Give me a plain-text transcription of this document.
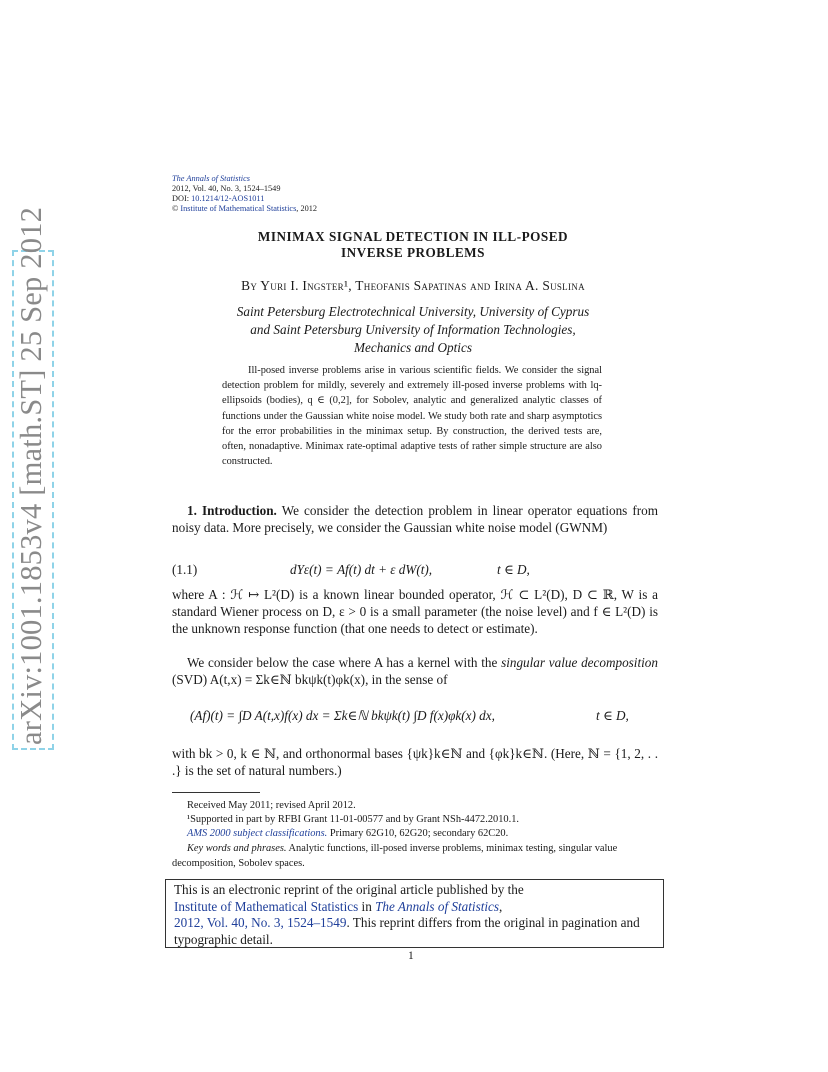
arXiv:1001.1853v4 [math.ST] 25 Sep 2012
The Annals of Statistics
2012, Vol. 40, No. 3, 1524–1549
DOI: 10.1214/12-AOS1011
© Institute of Mathematical Statistics, 2012
MINIMAX SIGNAL DETECTION IN ILL-POSED
INVERSE PROBLEMS
By Yuri I. Ingster¹, Theofanis Sapatinas and Irina A. Suslina
Saint Petersburg Electrotechnical University, University of Cyprus
and Saint Petersburg University of Information Technologies,
Mechanics and Optics
Ill-posed inverse problems arise in various scientific fields. We consider the signal detection problem for mildly, severely and extremely ill-posed inverse problems with lq-ellipsoids (bodies), q ∈ (0,2], for Sobolev, analytic and generalized analytic classes of functions under the Gaussian white noise model. We study both rate and sharp asymptotics for the error probabilities in the minimax setup. By construction, the derived tests are, often, nonadaptive. Minimax rate-optimal adaptive tests of rather simple structure are also constructed.
1. Introduction. We consider the detection problem in linear operator equations from noisy data. More precisely, we consider the Gaussian white noise model (GWNM)
(1.1)	dYε(t) = Af(t) dt + ε dW(t),	t ∈ D,
where A : ℋ ↦ L²(D) is a known linear bounded operator, ℋ ⊂ L²(D), D ⊂ ℝ, W is a standard Wiener process on D, ε > 0 is a small parameter (the noise level) and f ∈ L²(D) is the unknown response function (that one needs to detect or estimate).
We consider below the case where A has a kernel with the singular value decomposition (SVD) A(t,x) = Σk∈ℕ bkψk(t)φk(x), in the sense of
(Af)(t) = ∫D A(t,x)f(x) dx = Σk∈ℕ bkψk(t) ∫D f(x)φk(x) dx,	t ∈ D,
with bk > 0, k ∈ ℕ, and orthonormal bases {ψk}k∈ℕ and {φk}k∈ℕ. (Here, ℕ = {1, 2, . . .} is the set of natural numbers.)
Received May 2011; revised April 2012.
¹Supported in part by RFBI Grant 11-01-00577 and by Grant NSh-4472.2010.1.
AMS 2000 subject classifications. Primary 62G10, 62G20; secondary 62C20.
Key words and phrases. Analytic functions, ill-posed inverse problems, minimax testing, singular value decomposition, Sobolev spaces.
This is an electronic reprint of the original article published by the
Institute of Mathematical Statistics in The Annals of Statistics,
2012, Vol. 40, No. 3, 1524–1549. This reprint differs from the original in pagination and typographic detail.
1
